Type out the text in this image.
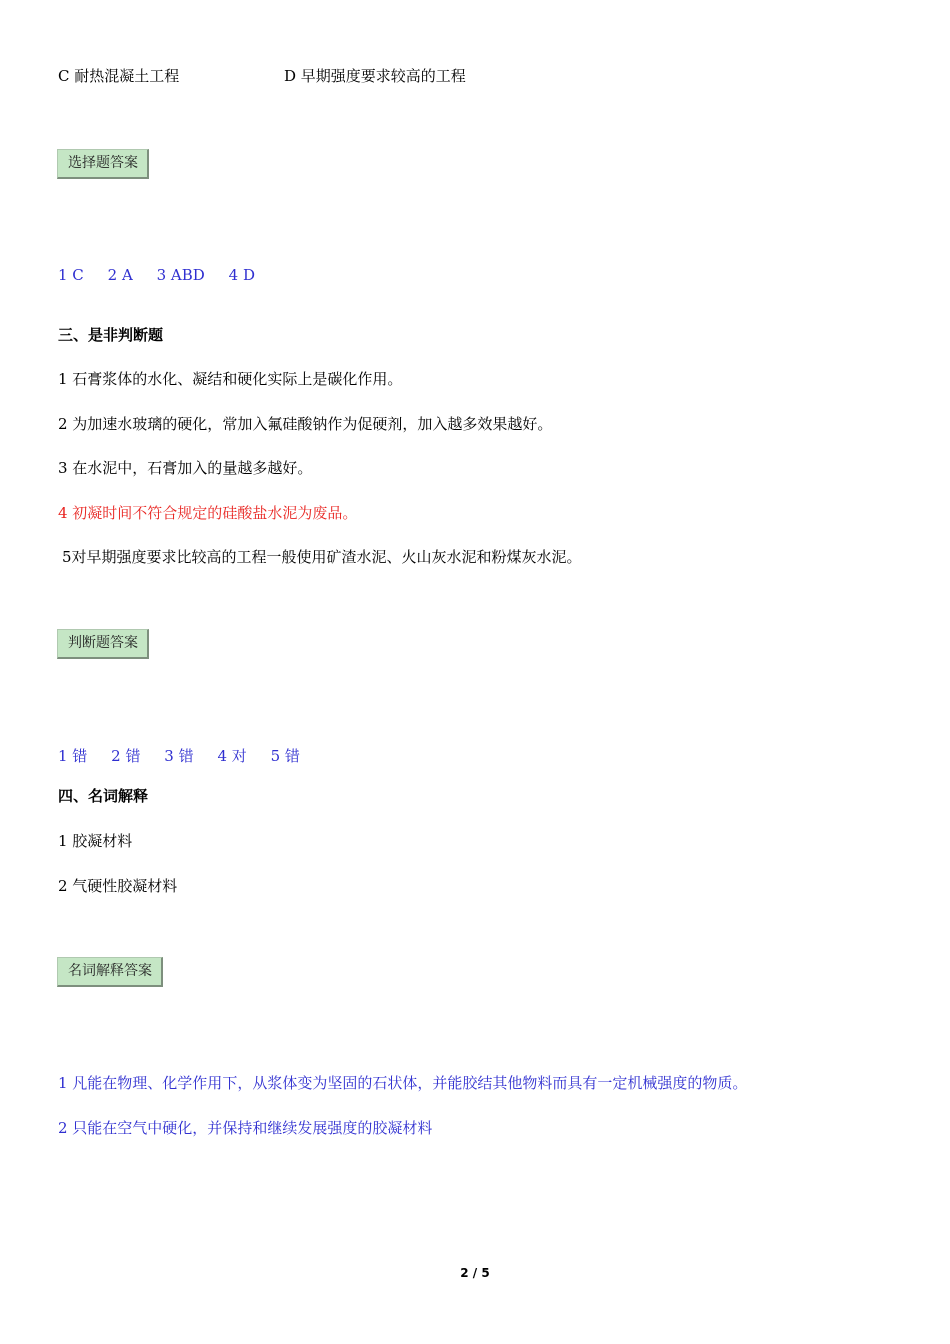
C 耐热混凝土工程	D 早期强度要求较高的工程
选择题答案
1 C     2 A     3 ABD     4 D
三、是非判断题
1 石膏浆体的水化、凝结和硬化实际上是碳化作用。
2 为加速水玻璃的硬化，常加入氟硅酸钠作为促硬剂，加入越多效果越好。
3 在水泥中，石膏加入的量越多越好。
4 初凝时间不符合规定的硅酸盐水泥为废品。
5对早期强度要求比较高的工程一般使用矿渣水泥、火山灰水泥和粉煤灰水泥。
判断题答案
1 错     2 错     3 错     4 对     5 错
四、名词解释
1 胶凝材料
2 气硬性胶凝材料
名词解释答案
1 凡能在物理、化学作用下，从浆体变为坚固的石状体，并能胶结其他物料而具有一定机械强度的物质。
2 只能在空气中硬化，并保持和继续发展强度的胶凝材料
2 / 5
